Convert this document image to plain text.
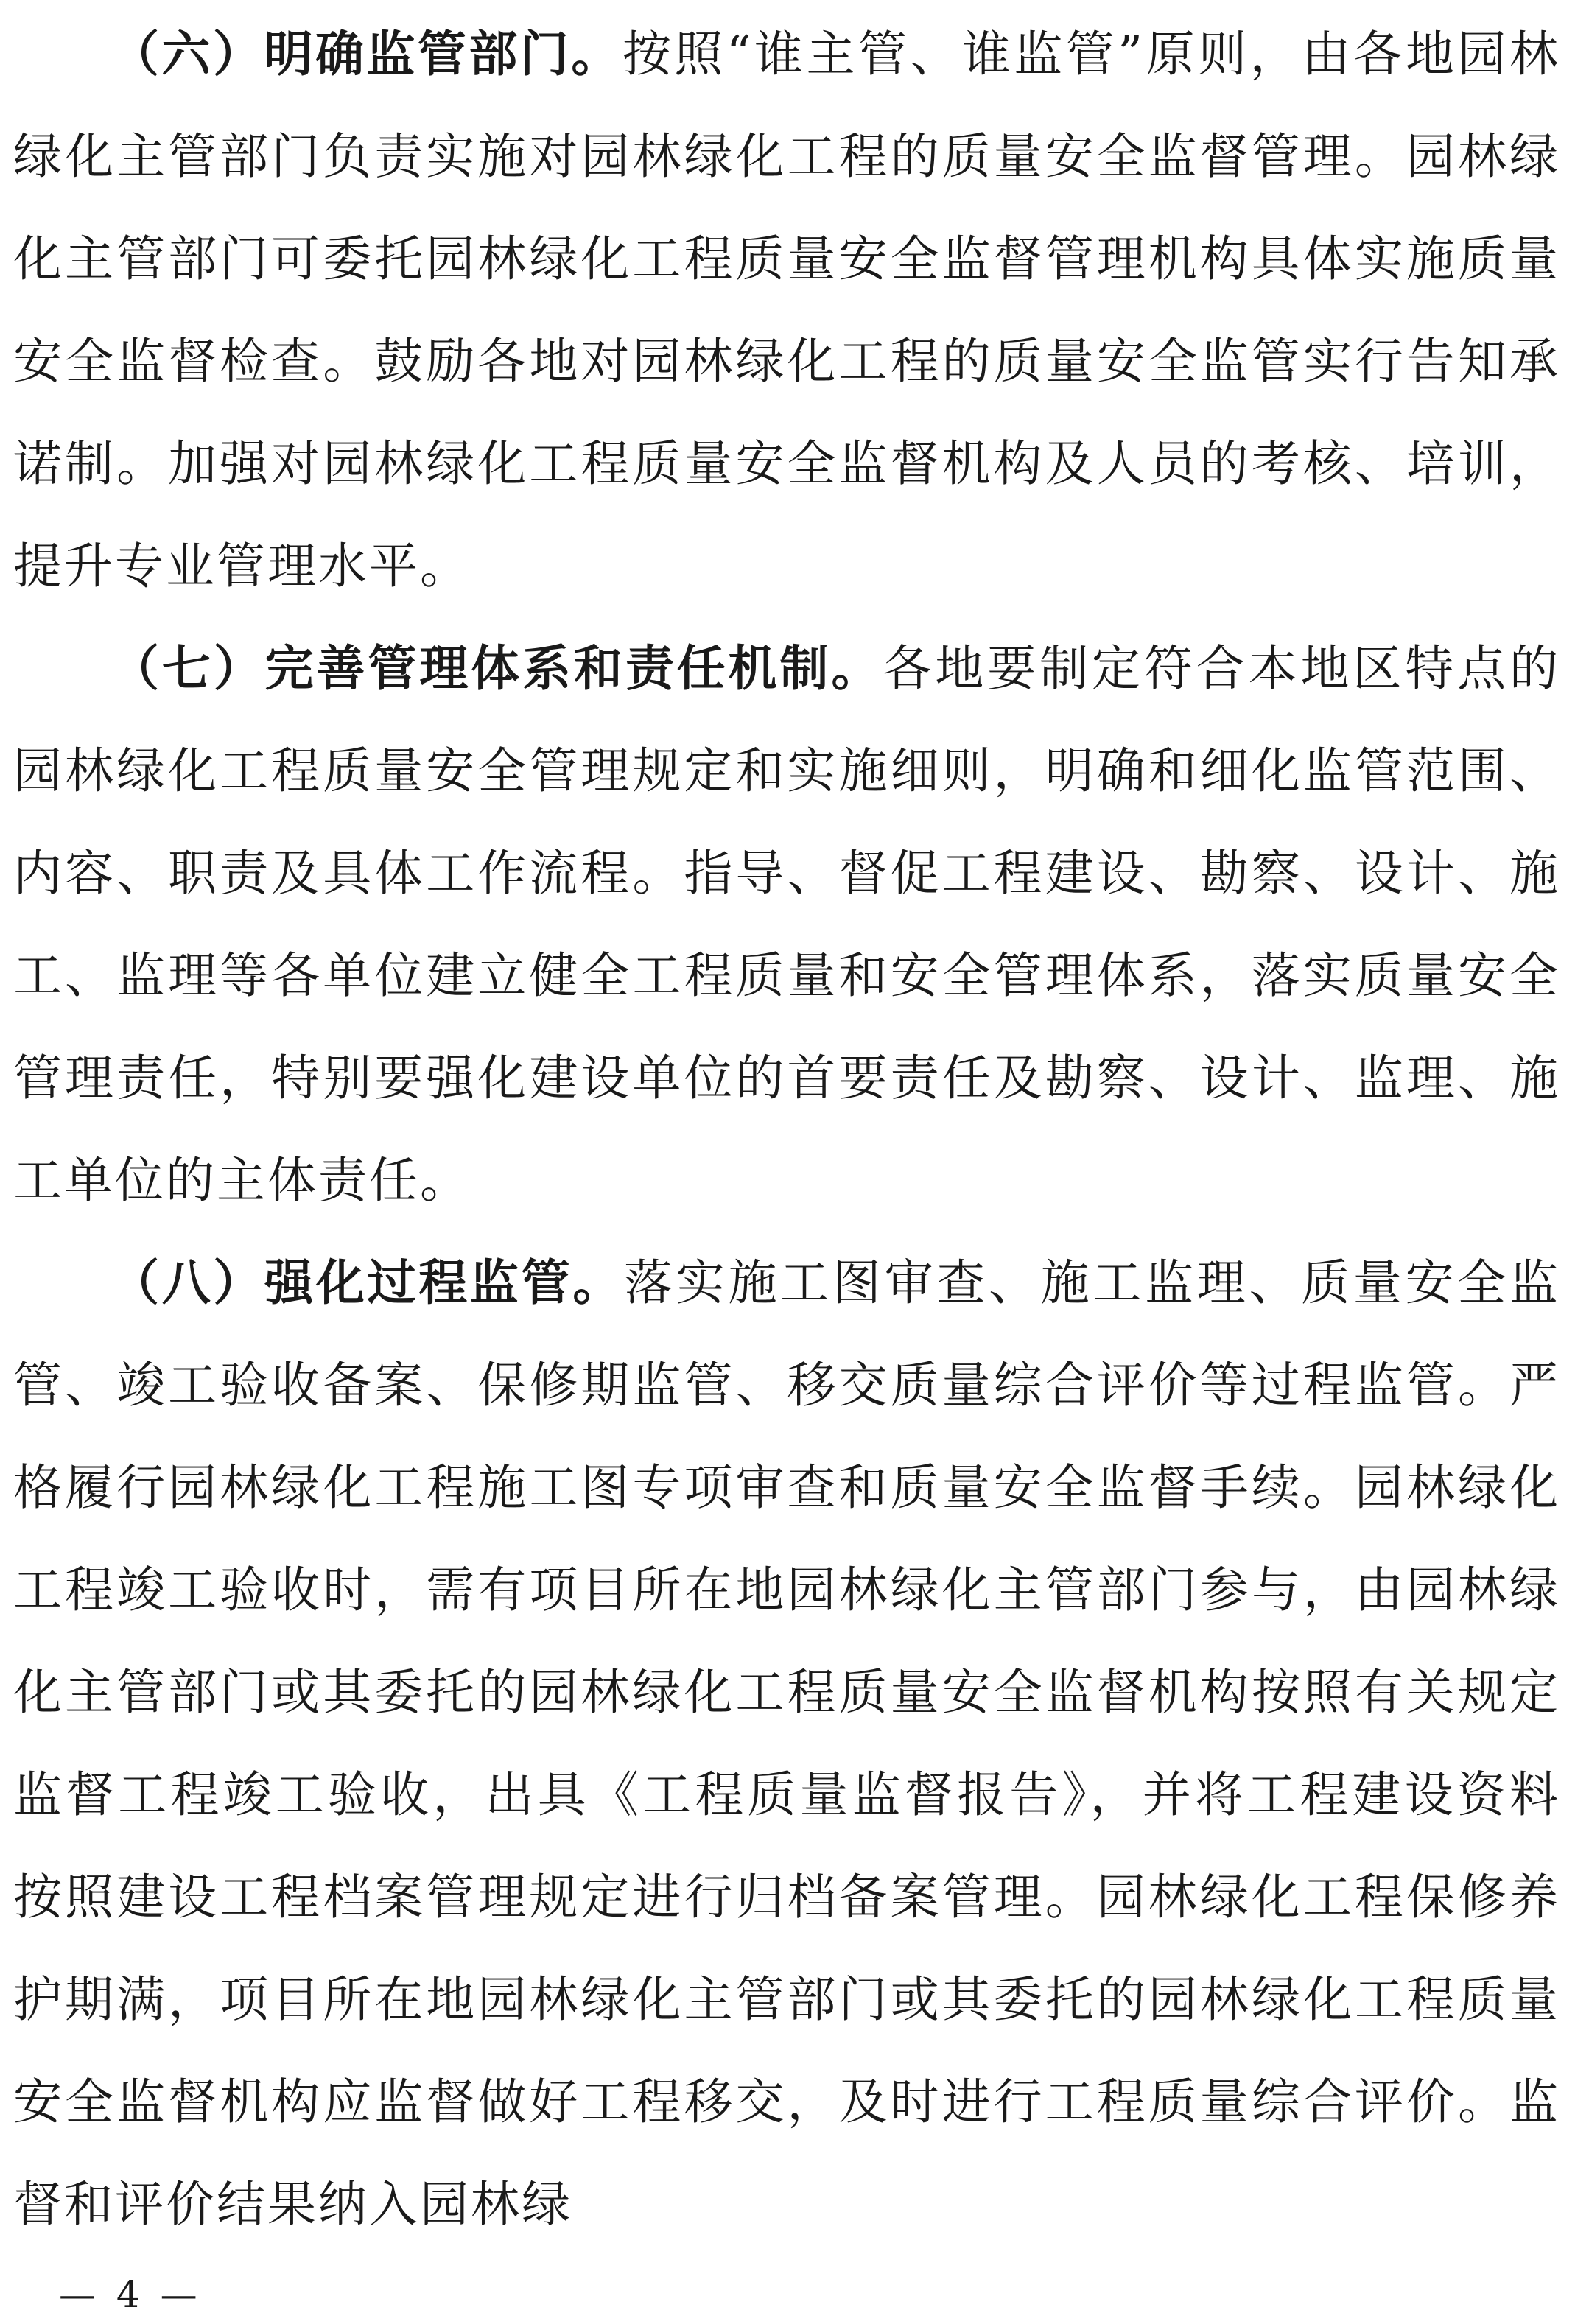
（六）明确监管部门。按照“谁主管、谁监管”原则，由各地园林绿化主管部门负责实施对园林绿化工程的质量安全监督管理。园林绿化主管部门可委托园林绿化工程质量安全监督管理机构具体实施质量安全监督检查。鼓励各地对园林绿化工程的质量安全监管实行告知承诺制。加强对园林绿化工程质量安全监督机构及人员的考核、培训，提升专业管理水平。

（七）完善管理体系和责任机制。各地要制定符合本地区特点的园林绿化工程质量安全管理规定和实施细则，明确和细化监管范围、内容、职责及具体工作流程。指导、督促工程建设、勘察、设计、施工、监理等各单位建立健全工程质量和安全管理体系，落实质量安全管理责任，特别要强化建设单位的首要责任及勘察、设计、监理、施工单位的主体责任。

（八）强化过程监管。落实施工图审查、施工监理、质量安全监管、竣工验收备案、保修期监管、移交质量综合评价等过程监管。严格履行园林绿化工程施工图专项审查和质量安全监督手续。园林绿化工程竣工验收时，需有项目所在地园林绿化主管部门参与，由园林绿化主管部门或其委托的园林绿化工程质量安全监督机构按照有关规定监督工程竣工验收，出具《工程质量监督报告》，并将工程建设资料按照建设工程档案管理规定进行归档备案管理。园林绿化工程保修养护期满，项目所在地园林绿化主管部门或其委托的园林绿化工程质量安全监督机构应监督做好工程移交，及时进行工程质量综合评价。监督和评价结果纳入园林绿

— 4 —
